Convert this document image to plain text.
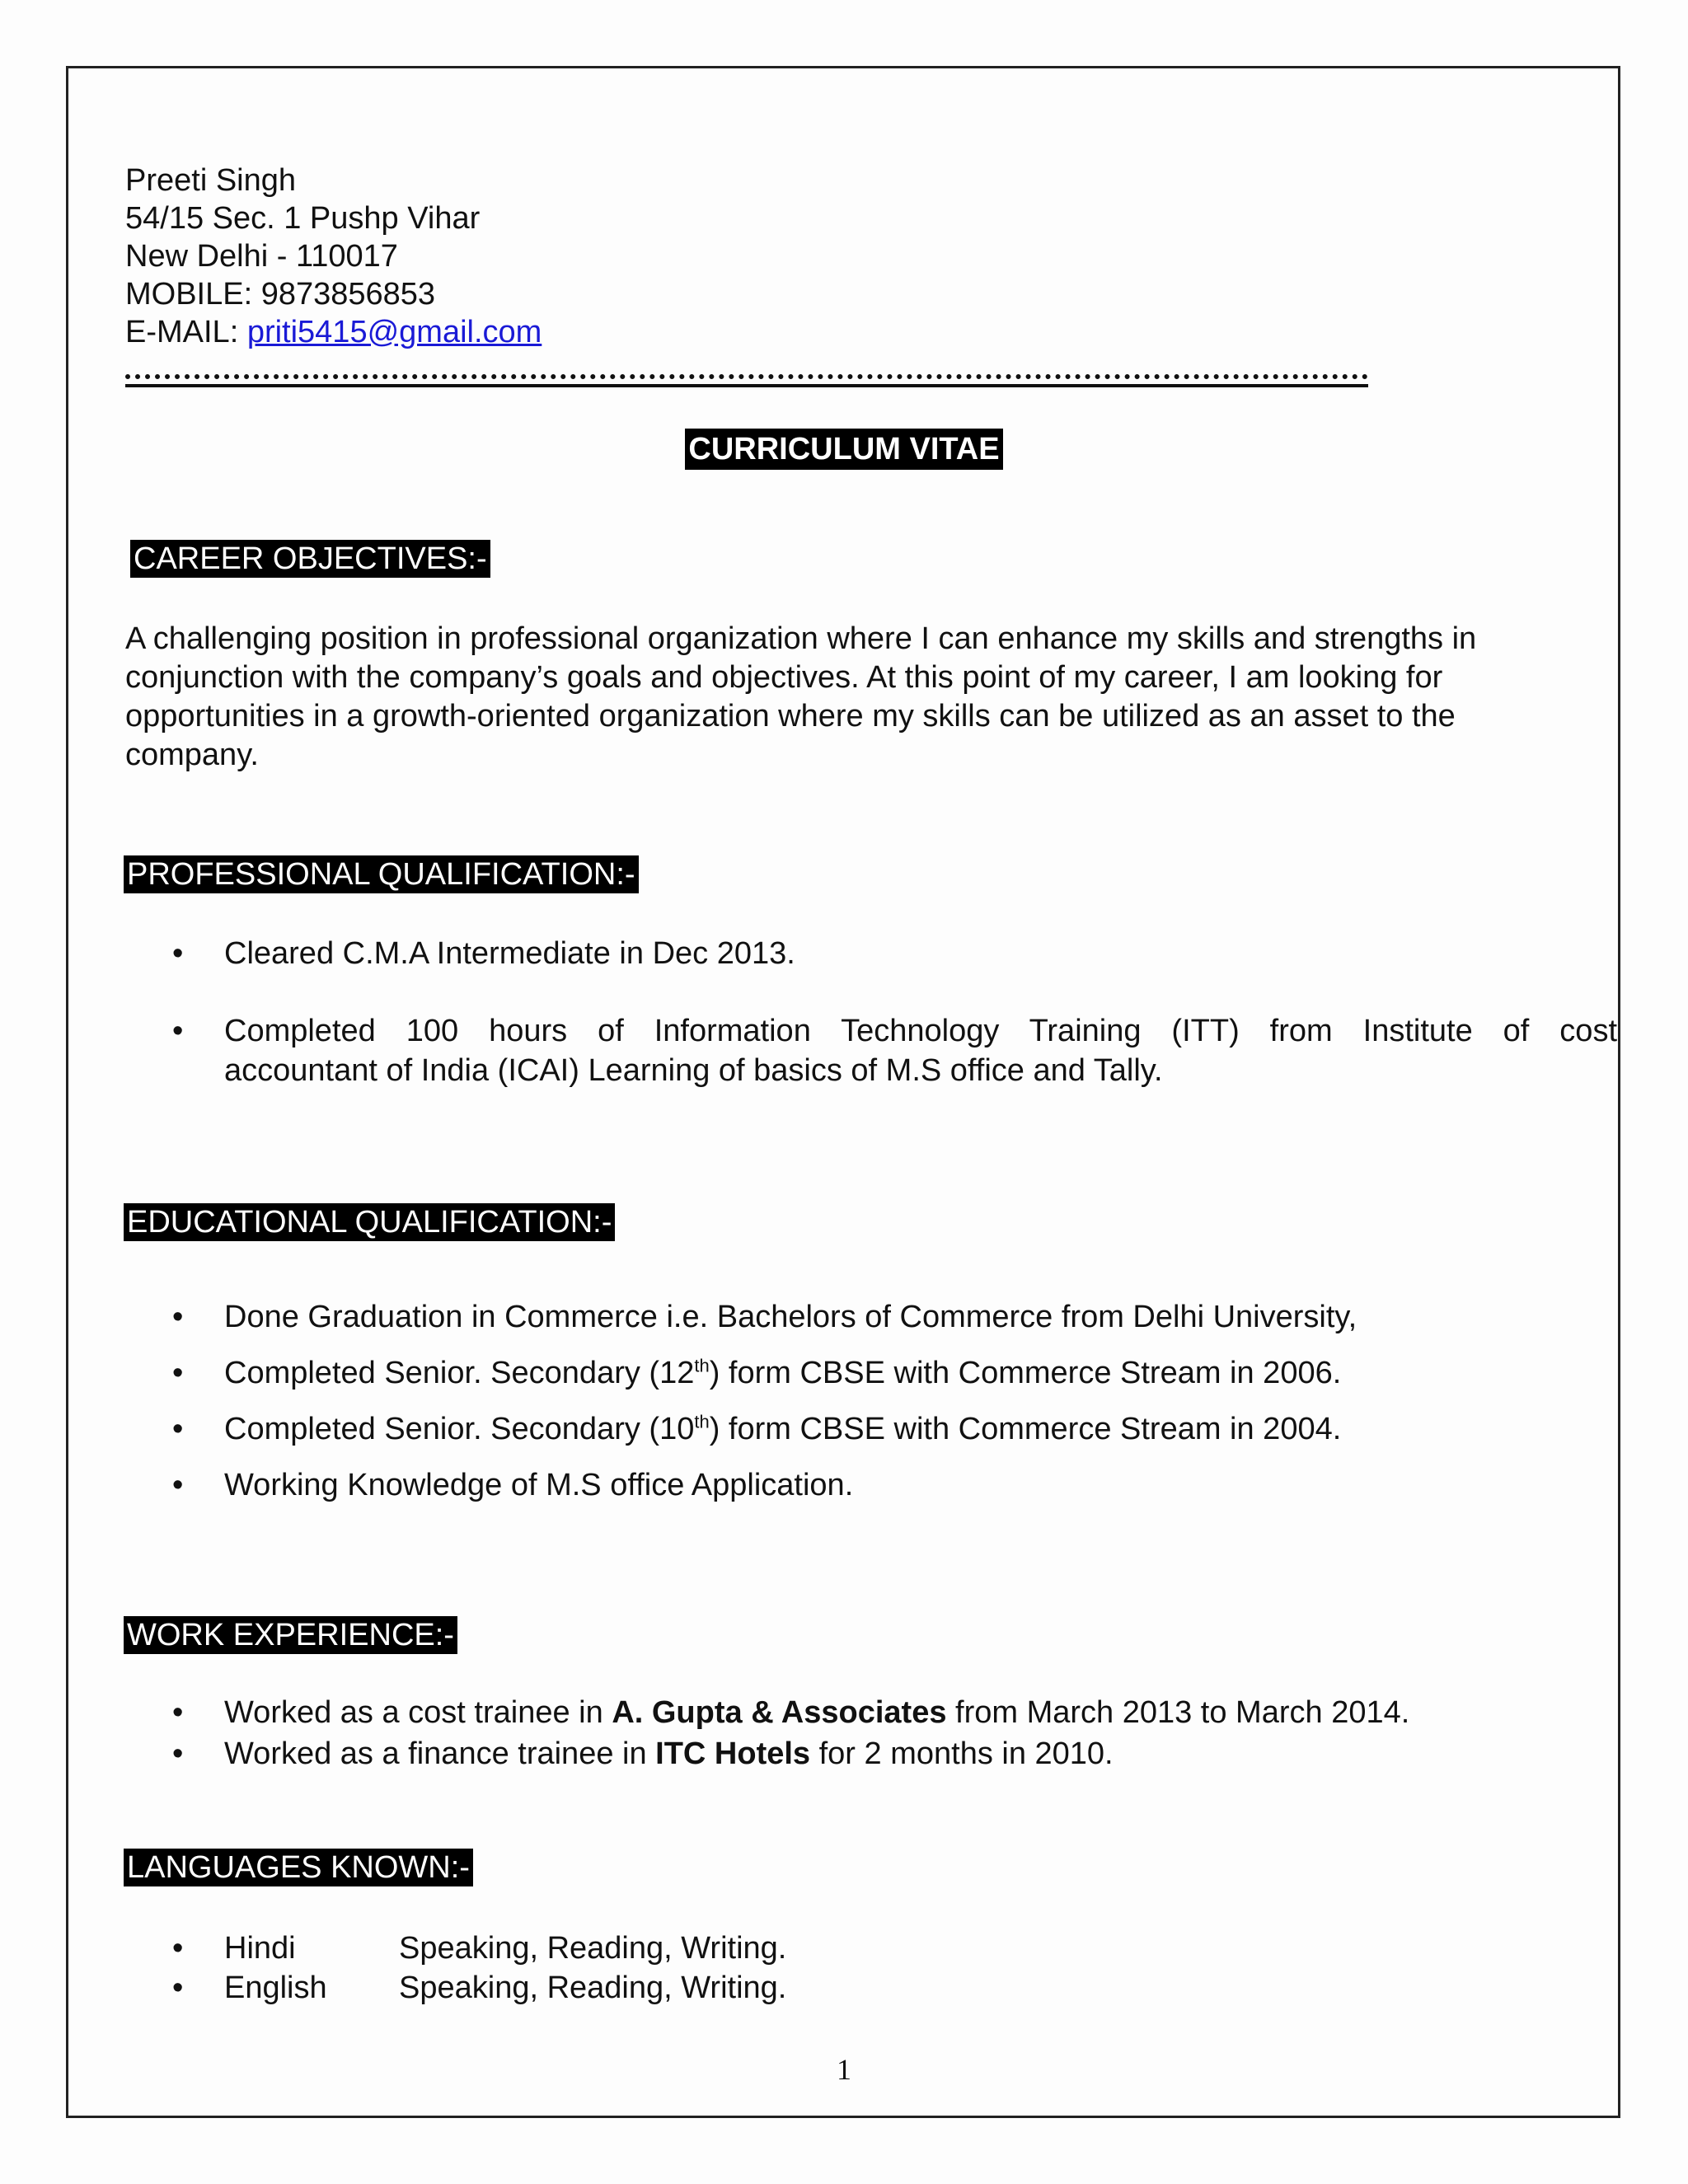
Preeti Singh
54/15 Sec. 1 Pushp Vihar
New Delhi - 110017
MOBILE: 9873856853
E-MAIL: priti5415@gmail.com
CURRICULUM VITAE
CAREER OBJECTIVES:-
A challenging position in professional organization where I can enhance my skills and strengths in conjunction with the company’s goals and objectives. At this point of my career, I am looking for opportunities in a growth-oriented organization where my skills can be utilized as an asset to the company.
PROFESSIONAL QUALIFICATION:-
• Cleared C.M.A Intermediate in Dec 2013.
• Completed 100 hours of Information Technology Training (ITT) from Institute of cost
accountant of India (ICAI) Learning of basics of M.S office and Tally.
EDUCATIONAL QUALIFICATION:-
• Done Graduation in Commerce i.e. Bachelors of Commerce from Delhi University,
• Completed Senior. Secondary (12th) form CBSE with Commerce Stream in 2006.
• Completed Senior. Secondary (10th) form CBSE with Commerce Stream in 2004.
• Working Knowledge of M.S office Application.
WORK EXPERIENCE:-
• Worked as a cost trainee in A. Gupta & Associates from March 2013 to March 2014.
• Worked as a finance trainee in ITC Hotels for 2 months in 2010.
LANGUAGES KNOWN:-
• Hindi	Speaking, Reading, Writing.
• English Speaking, Reading, Writing.
1
